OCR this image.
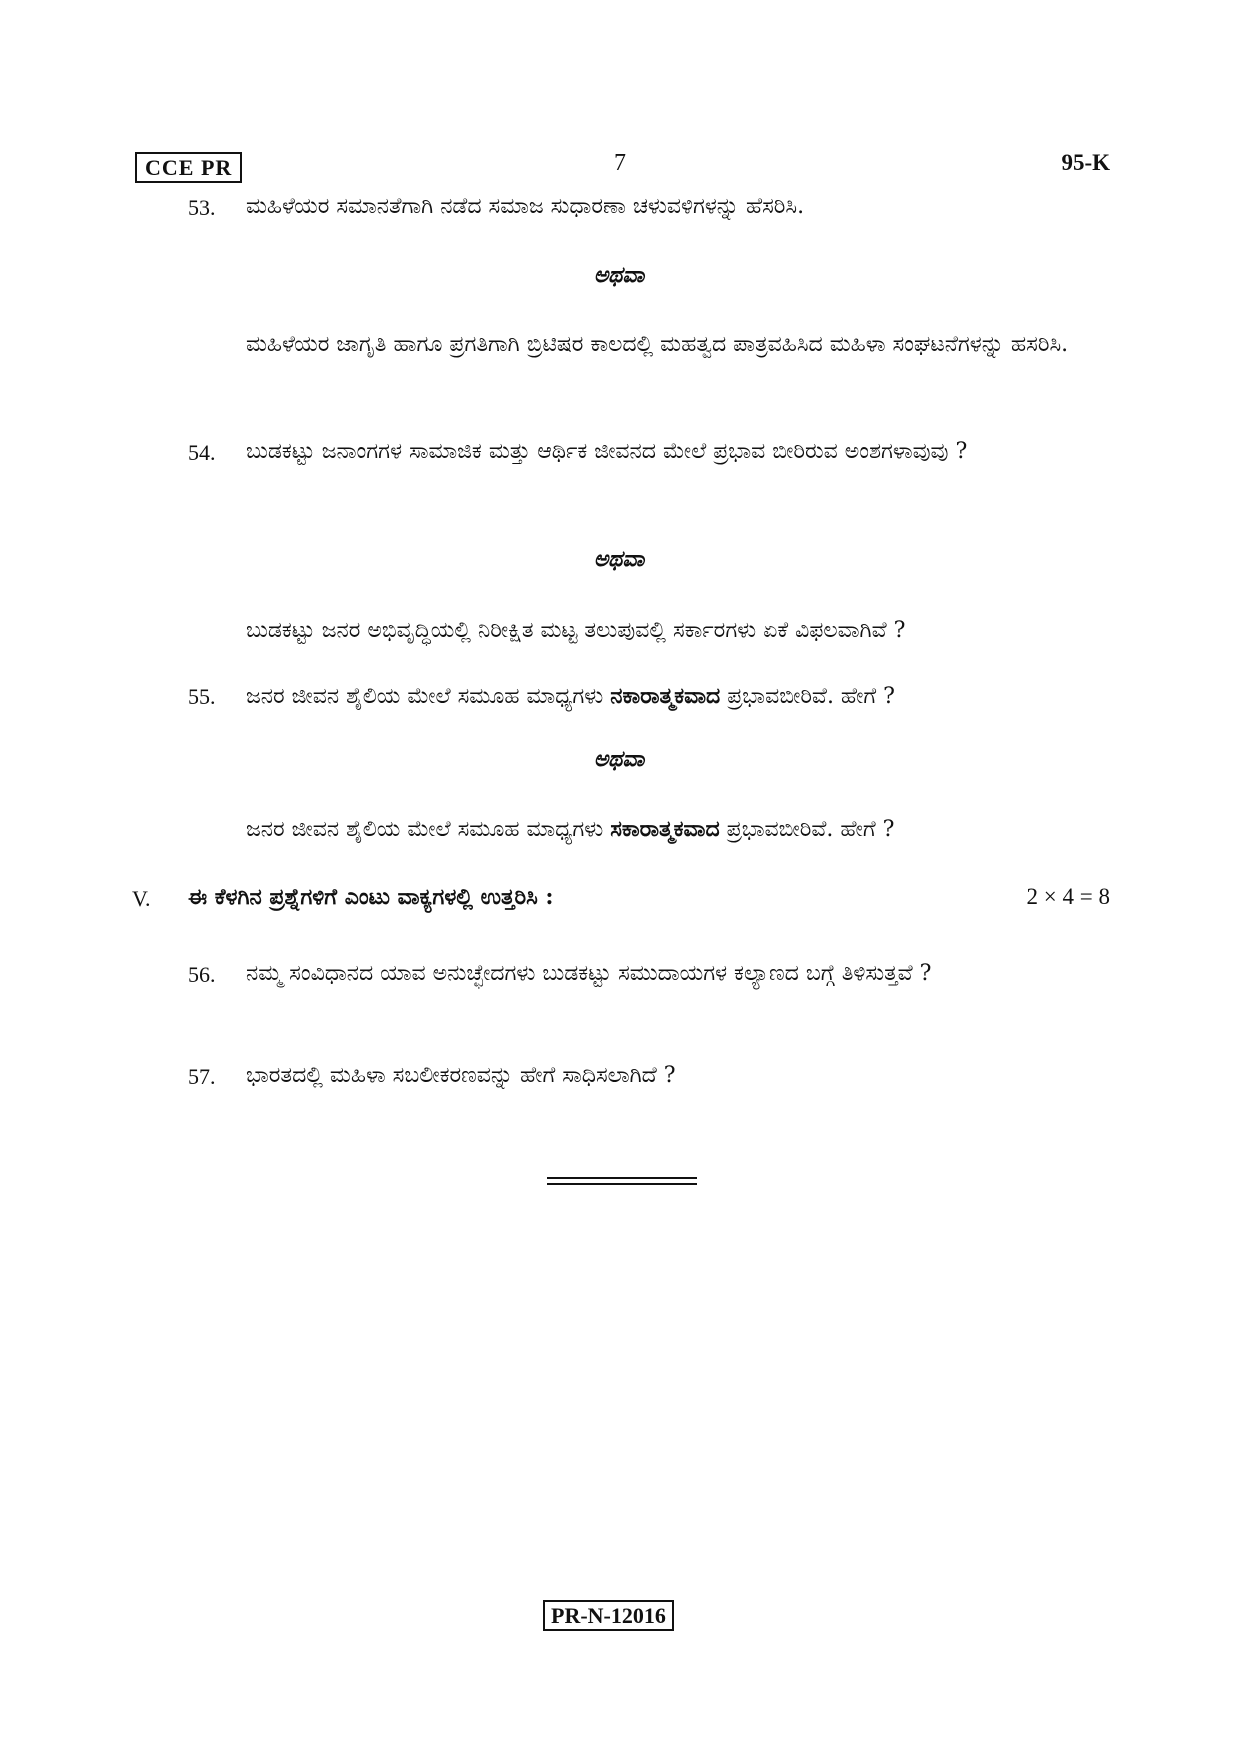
CCE PR	7	95-K
53.	ಮಹಿಳೆಯರ ಸಮಾನತೆಗಾಗಿ ನಡೆದ ಸಮಾಜ ಸುಧಾರಣಾ ಚಳುವಳಿಗಳನ್ನು ಹೆಸರಿಸಿ.
ಅಥವಾ
ಮಹಿಳೆಯರ ಜಾಗೃತಿ ಹಾಗೂ ಪ್ರಗತಿಗಾಗಿ ಬ್ರಿಟಿಷರ ಕಾಲದಲ್ಲಿ ಮಹತ್ವದ ಪಾತ್ರವಹಿಸಿದ ಮಹಿಳಾ ಸಂಘಟನೆಗಳನ್ನು ಹಸರಿಸಿ.
54.	ಬುಡಕಟ್ಟು ಜನಾಂಗಗಳ ಸಾಮಾಜಿಕ ಮತ್ತು ಆರ್ಥಿಕ ಜೀವನದ ಮೇಲೆ ಪ್ರಭಾವ ಬೀರಿರುವ ಅಂಶಗಳಾವುವು ?
ಅಥವಾ
ಬುಡಕಟ್ಟು ಜನರ ಅಭಿವೃದ್ಧಿಯಲ್ಲಿ ನಿರೀಕ್ಷಿತ ಮಟ್ಟ ತಲುಪುವಲ್ಲಿ ಸರ್ಕಾರಗಳು ಏಕೆ ವಿಫಲವಾಗಿವೆ ?
55.	ಜನರ ಜೀವನ ಶೈಲಿಯ ಮೇಲೆ ಸಮೂಹ ಮಾಧ್ಯಗಳು ನಕಾರಾತ್ಮಕವಾದ ಪ್ರಭಾವಬೀರಿವೆ. ಹೇಗೆ ?
ಅಥವಾ
ಜನರ ಜೀವನ ಶೈಲಿಯ ಮೇಲೆ ಸಮೂಹ ಮಾಧ್ಯಗಳು ಸಕಾರಾತ್ಮಕವಾದ ಪ್ರಭಾವಬೀರಿವೆ. ಹೇಗೆ ?
V. ಈ ಕೆಳಗಿನ ಪ್ರಶ್ನೆಗಳಿಗೆ ಎಂಟು ವಾಕ್ಯಗಳಲ್ಲಿ ಉತ್ತರಿಸಿ :	2 × 4 = 8
56.	ನಮ್ಮ ಸಂವಿಧಾನದ ಯಾವ ಅನುಚ್ಛೇದಗಳು ಬುಡಕಟ್ಟು ಸಮುದಾಯಗಳ ಕಲ್ಯಾಣದ ಬಗ್ಗೆ ತಿಳಿಸುತ್ತವೆ ?
57.	ಭಾರತದಲ್ಲಿ ಮಹಿಳಾ ಸಬಲೀಕರಣವನ್ನು ಹೇಗೆ ಸಾಧಿಸಲಾಗಿದೆ ?
PR-N-12016
